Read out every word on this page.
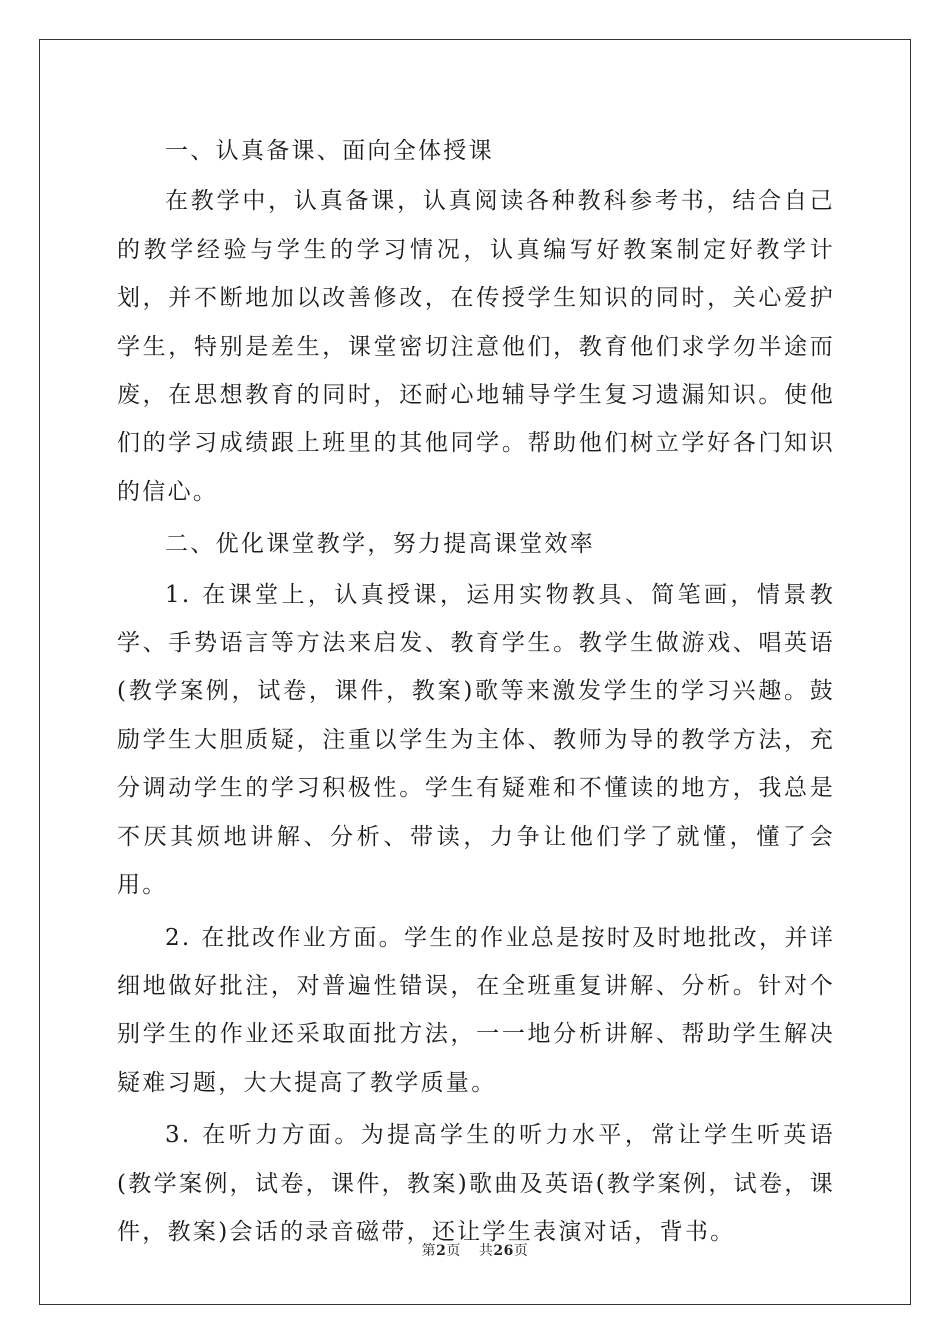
一、认真备课、面向全体授课

在教学中，认真备课，认真阅读各种教科参考书，结合自己的教学经验与学生的学习情况，认真编写好教案制定好教学计划，并不断地加以改善修改，在传授学生知识的同时，关心爱护学生，特别是差生，课堂密切注意他们，教育他们求学勿半途而废，在思想教育的同时，还耐心地辅导学生复习遗漏知识。使他们的学习成绩跟上班里的其他同学。帮助他们树立学好各门知识的信心。

二、优化课堂教学，努力提高课堂效率

1. 在课堂上，认真授课，运用实物教具、简笔画，情景教学、手势语言等方法来启发、教育学生。教学生做游戏、唱英语(教学案例，试卷，课件，教案)歌等来激发学生的学习兴趣。鼓励学生大胆质疑，注重以学生为主体、教师为导的教学方法，充分调动学生的学习积极性。学生有疑难和不懂读的地方，我总是不厌其烦地讲解、分析、带读，力争让他们学了就懂，懂了会用。

2. 在批改作业方面。学生的作业总是按时及时地批改，并详细地做好批注，对普遍性错误，在全班重复讲解、分析。针对个别学生的作业还采取面批方法，一一地分析讲解、帮助学生解决疑难习题，大大提高了教学质量。

3. 在听力方面。为提高学生的听力水平，常让学生听英语(教学案例，试卷，课件，教案)歌曲及英语(教学案例，试卷，课件，教案)会话的录音磁带，还让学生表演对话，背书。

第2页 共26页
